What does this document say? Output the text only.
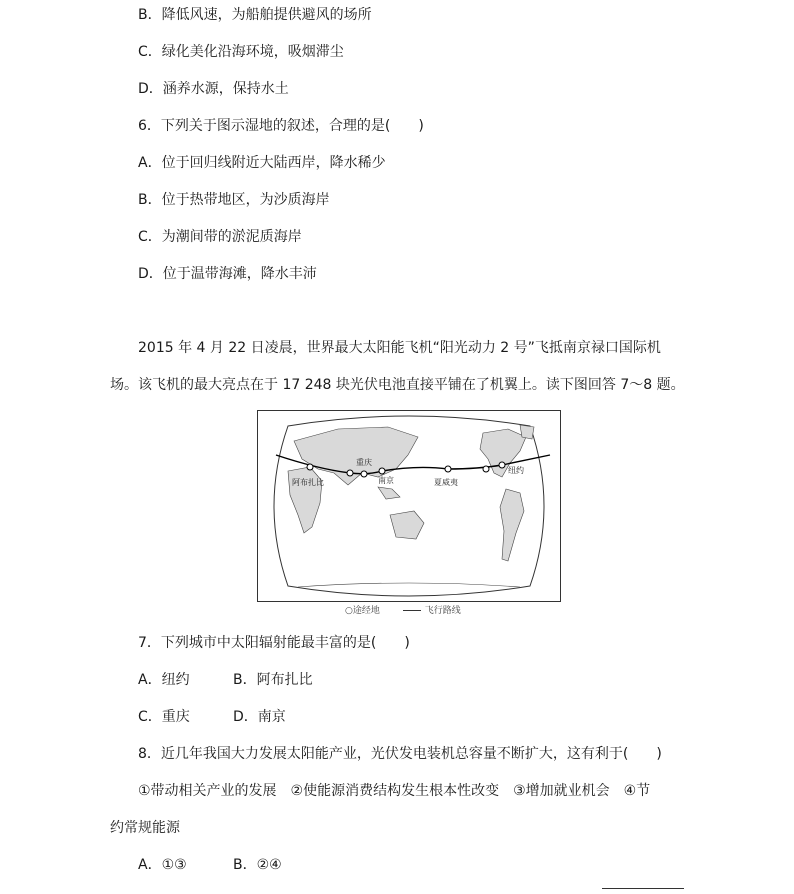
B．降低风速，为船舶提供避风的场所
C．绿化美化沿海环境，吸烟滞尘
D．涵养水源，保持水土
6．下列关于图示湿地的叙述，合理的是(　　)
A．位于回归线附近大陆西岸，降水稀少
B．位于热带地区，为沙质海岸
C．为潮间带的淤泥质海岸
D．位于温带海滩，降水丰沛
2015 年 4 月 22 日凌晨，世界最大太阳能飞机“阳光动力 2 号”飞抵南京禄口国际机
场。该飞机的最大亮点在于 17 248 块光伏电池直接平铺在了机翼上。读下图回答 7～8 题。
阿布扎比
重庆
南京	夏威夷
纽约
○途经地	飞行路线
7．下列城市中太阳辐射能最丰富的是(　　)
A．纽约	B．阿布扎比
C．重庆	D．南京
8．近几年我国大力发展太阳能产业，光伏发电装机总容量不断扩大，这有利于(　　)
①带动相关产业的发展　②使能源消费结构发生根本性改变　③增加就业机会　④节
约常规能源
A．①③	B．②④
